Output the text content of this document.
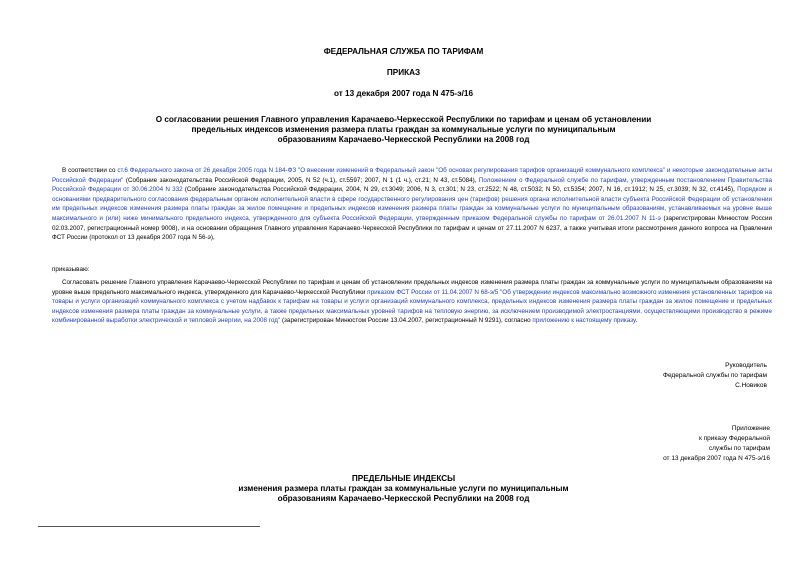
ФЕДЕРАЛЬНАЯ СЛУЖБА ПО ТАРИФАМ
ПРИКАЗ
от 13 декабря 2007 года N 475-э/16
О согласовании решения Главного управления Карачаево-Черкесской Республики по тарифам и ценам об установлении
предельных индексов изменения размера платы граждан за коммунальные услуги по муниципальным
образованиям Карачаево-Черкесской Республики на 2008 год
В соответствии со ст.6 Федерального закона от 26 декабря 2005 года N 184-ФЗ "О внесении изменений в Федеральный закон "Об основах регулирования тарифов организаций коммунального комплекса" и некоторые законодательные акты Российской Федерации" (Собрание законодательства Российской Федерации, 2005, N 52 (ч.1), ст.5597; 2007, N 1 (1 ч.), ст.21; N 43, ст.5084), Положением о Федеральной службе по тарифам, утвержденным постановлением Правительства Российской Федерации от 30.06.2004 N 332 (Собрание законодательства Российской Федерации, 2004, N 29, ст.3049; 2006, N 3, ст.301; N 23, ст.2522; N 48, ст.5032; N 50, ст.5354; 2007, N 16, ст.1912; N 25, ст.3039; N 32, ст.4145), Порядком и основаниями предварительного согласования федеральным органом исполнительной власти в сфере государственного регулирования цен (тарифов) решения органа исполнительной власти субъекта Российской Федерации об установлении им предельных индексов изменения размера платы граждан за жилое помещение и предельных индексов изменения размера платы граждан за коммунальные услуги по муниципальным образованиям, устанавливаемых на уровне выше максимального и (или) ниже минимального предельного индекса, утвержденного для субъекта Российской Федерации, утвержденным приказом Федеральной службы по тарифам от 26.01.2007 N 11-э (зарегистрирован Минюстом России 02.03.2007, регистрационный номер 9008), и на основании обращения Главного управления Карачаево-Черкесской Республики по тарифам и ценам от 27.11.2007 N 6237, а также учитывая итоги рассмотрения данного вопроса на Правлении ФСТ России (протокол от 13 декабря 2007 года N 56-э),
приказываю:
Согласовать решение Главного управления Карачаево-Черкесской Республики по тарифам и ценам об установлении предельных индексов изменения размера платы граждан за коммунальные услуги по муниципальным образованиям на уровне выше предельного максимального индекса, утвержденного для Карачаево-Черкесской Республики приказом ФСТ России от 11.04.2007 N 68-э/5 "Об утверждении индексов максимально возможного изменения установленных тарифов на товары и услуги организаций коммунального комплекса с учетом надбавок к тарифам на товары и услуги организаций коммунального комплекса, предельных индексов изменения размера платы граждан за жилое помещение и предельных индексов изменения размера платы граждан за коммунальные услуги, а также предельных максимальных уровней тарифов на тепловую энергию, за исключением производимой электростанциями, осуществляющими производство в режиме комбинированной выработки электрической и тепловой энергии, на 2008 год" (зарегистрирован Минюстом России 13.04.2007, регистрационный N 9291), согласно приложению к настоящему приказу.
Руководитель
Федеральной службы по тарифам
С.Новиков
Приложение
к приказу Федеральной
службы по тарифам
от 13 декабря 2007 года N 475-э/16
ПРЕДЕЛЬНЫЕ ИНДЕКСЫ
изменения размера платы граждан за коммунальные услуги по муниципальным
образованиям Карачаево-Черкесской Республики на 2008 год
